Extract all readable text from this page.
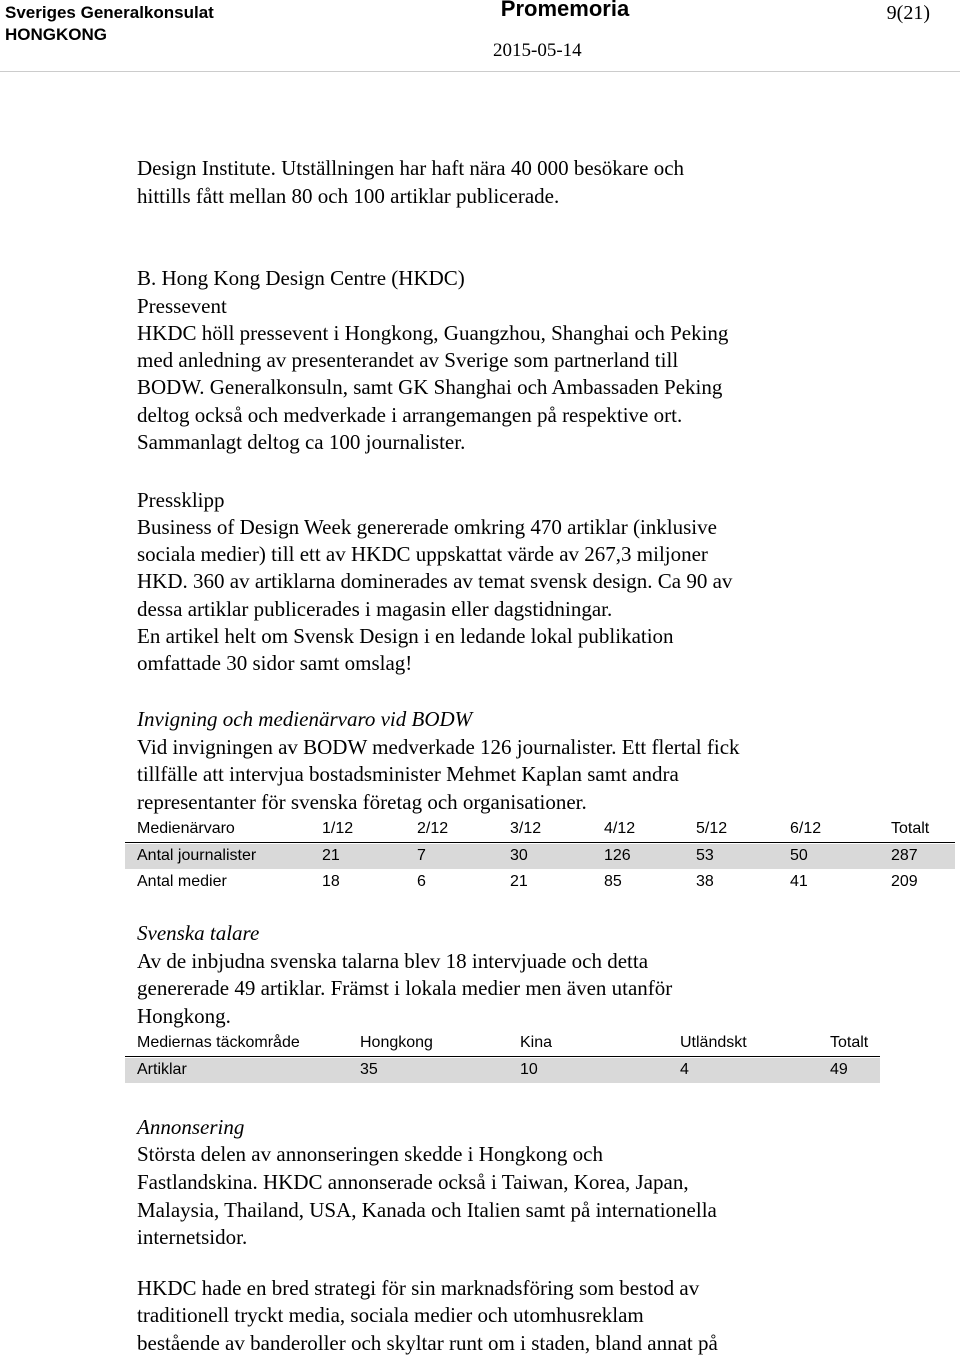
Sveriges Generalkonsulat
HONGKONG
Promemoria	9(21)
2015-05-14
Design Institute. Utställningen har haft nära 40 000 besökare och
hittills fått mellan 80 och 100 artiklar publicerade.
B. Hong Kong Design Centre (HKDC)
Pressevent
HKDC höll pressevent i Hongkong, Guangzhou, Shanghai och Peking
med anledning av presenterandet av Sverige som partnerland till
BODW. Generalkonsuln, samt GK Shanghai och Ambassaden Peking
deltog också och medverkade i arrangemangen på respektive ort.
Sammanlagt deltog ca 100 journalister.
Pressklipp
Business of Design Week genererade omkring 470 artiklar (inklusive
sociala medier) till ett av HKDC uppskattat värde av 267,3 miljoner
HKD. 360 av artiklarna dominerades av temat svensk design. Ca 90 av
dessa artiklar publicerades i magasin eller dagstidningar.
En artikel helt om Svensk Design i en ledande lokal publikation
omfattade 30 sidor samt omslag!
Invigning och medienärvaro vid BODW
Vid invigningen av BODW medverkade 126 journalister. Ett flertal fick
tillfälle att intervjua bostadsminister Mehmet Kaplan samt andra
representanter för svenska företag och organisationer.
Svenska talare
Av de inbjudna svenska talarna blev 18 intervjuade och detta
genererade 49 artiklar. Främst i lokala medier men även utanför
Hongkong.
Annonsering
Största delen av annonseringen skedde i Hongkong och
Fastlandskina. HKDC annonserade också i Taiwan, Korea, Japan,
Malaysia, Thailand, USA, Kanada och Italien samt på internationella
internetsidor.
HKDC hade en bred strategi för sin marknadsföring som bestod av
traditionell tryckt media, sociala medier och utomhusreklam
bestående av banderoller och skyltar runt om i staden, bland annat på
Medienärvaro	1/12	2/12	3/12	4/12	5/12	6/12	Totalt
Antal journalister	21	7	30	126	53	50	287
Antal medier	18	6	21	85	38	41	209
Mediernas täckområde	Hongkong	Kina	Utländskt	Totalt
Artiklar	35	10	4	49
